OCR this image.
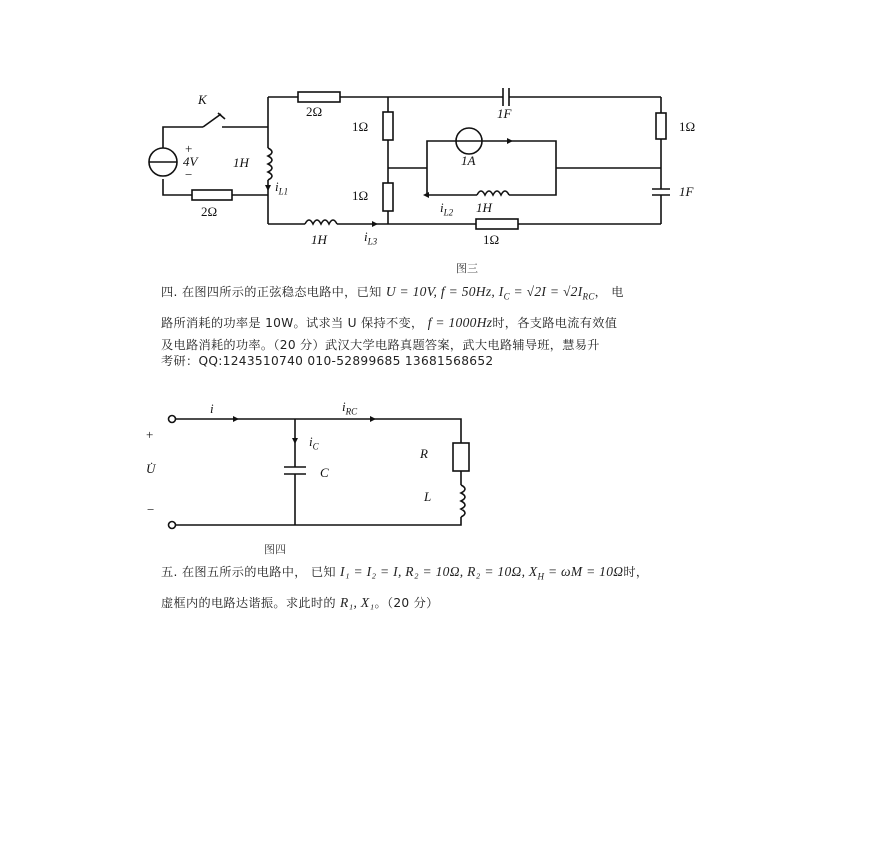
K
+
4V
−
2Ω
2Ω
1H
$i_{L1}$
1H	$i_{L3}$
1Ω
1Ω
1A
1H
$i_{L2}$
1Ω
1F
1Ω
1F
图三
四. 在图四所示的正弦稳态电路中，已知 U = 10V, f = 50Hz, $I_C = √2I = √2I_{RC}$， 电
路所消耗的功率是 10W。试求当 U 保持不变， f = 1000Hz时，各支路电流有效值
及电路消耗的功率。（20 分）武汉大学电路真题答案，武大电路辅导班，慧易升
考研：QQ:1243510740 010-52899685 13681568652
i	$i_{RC}$
+
U̇
−
$i_C$
C
R
L
图四
五. 在图五所示的电路中， 已知 I₁ = I₂ = I, R₂ = 10Ω, R₂ = 10Ω, $X_H = \omega M = 10\Omega$时，
虚框内的电路达谐振。求此时的 R₁, X₁。（20 分）
